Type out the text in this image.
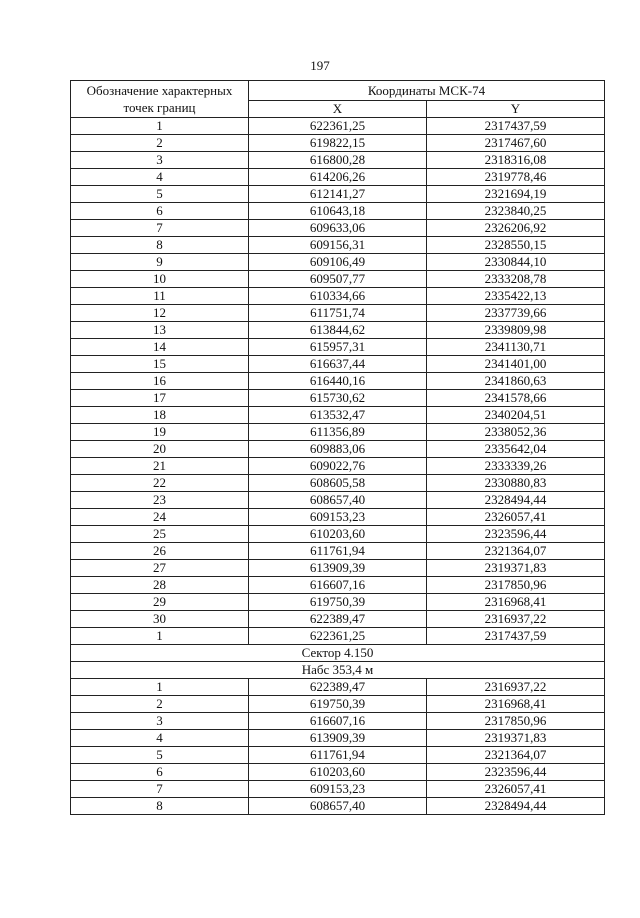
197
Обозначение характерных точек границ	Координаты МСК-74	
	X	Y
1	622361,25	2317437,59
2	619822,15	2317467,60
3	616800,28	2318316,08
4	614206,26	2319778,46
5	612141,27	2321694,19
6	610643,18	2323840,25
7	609633,06	2326206,92
8	609156,31	2328550,15
9	609106,49	2330844,10
10	609507,77	2333208,78
11	610334,66	2335422,13
12	611751,74	2337739,66
13	613844,62	2339809,98
14	615957,31	2341130,71
15	616637,44	2341401,00
16	616440,16	2341860,63
17	615730,62	2341578,66
18	613532,47	2340204,51
19	611356,89	2338052,36
20	609883,06	2335642,04
21	609022,76	2333339,26
22	608605,58	2330880,83
23	608657,40	2328494,44
24	609153,23	2326057,41
25	610203,60	2323596,44
26	611761,94	2321364,07
27	613909,39	2319371,83
28	616607,16	2317850,96
29	619750,39	2316968,41
30	622389,47	2316937,22
1	622361,25	2317437,59
Сектор 4.150		
Набс 353,4 м		
1	622389,47	2316937,22
2	619750,39	2316968,41
3	616607,16	2317850,96
4	613909,39	2319371,83
5	611761,94	2321364,07
6	610203,60	2323596,44
7	609153,23	2326057,41
8	608657,40	2328494,44
